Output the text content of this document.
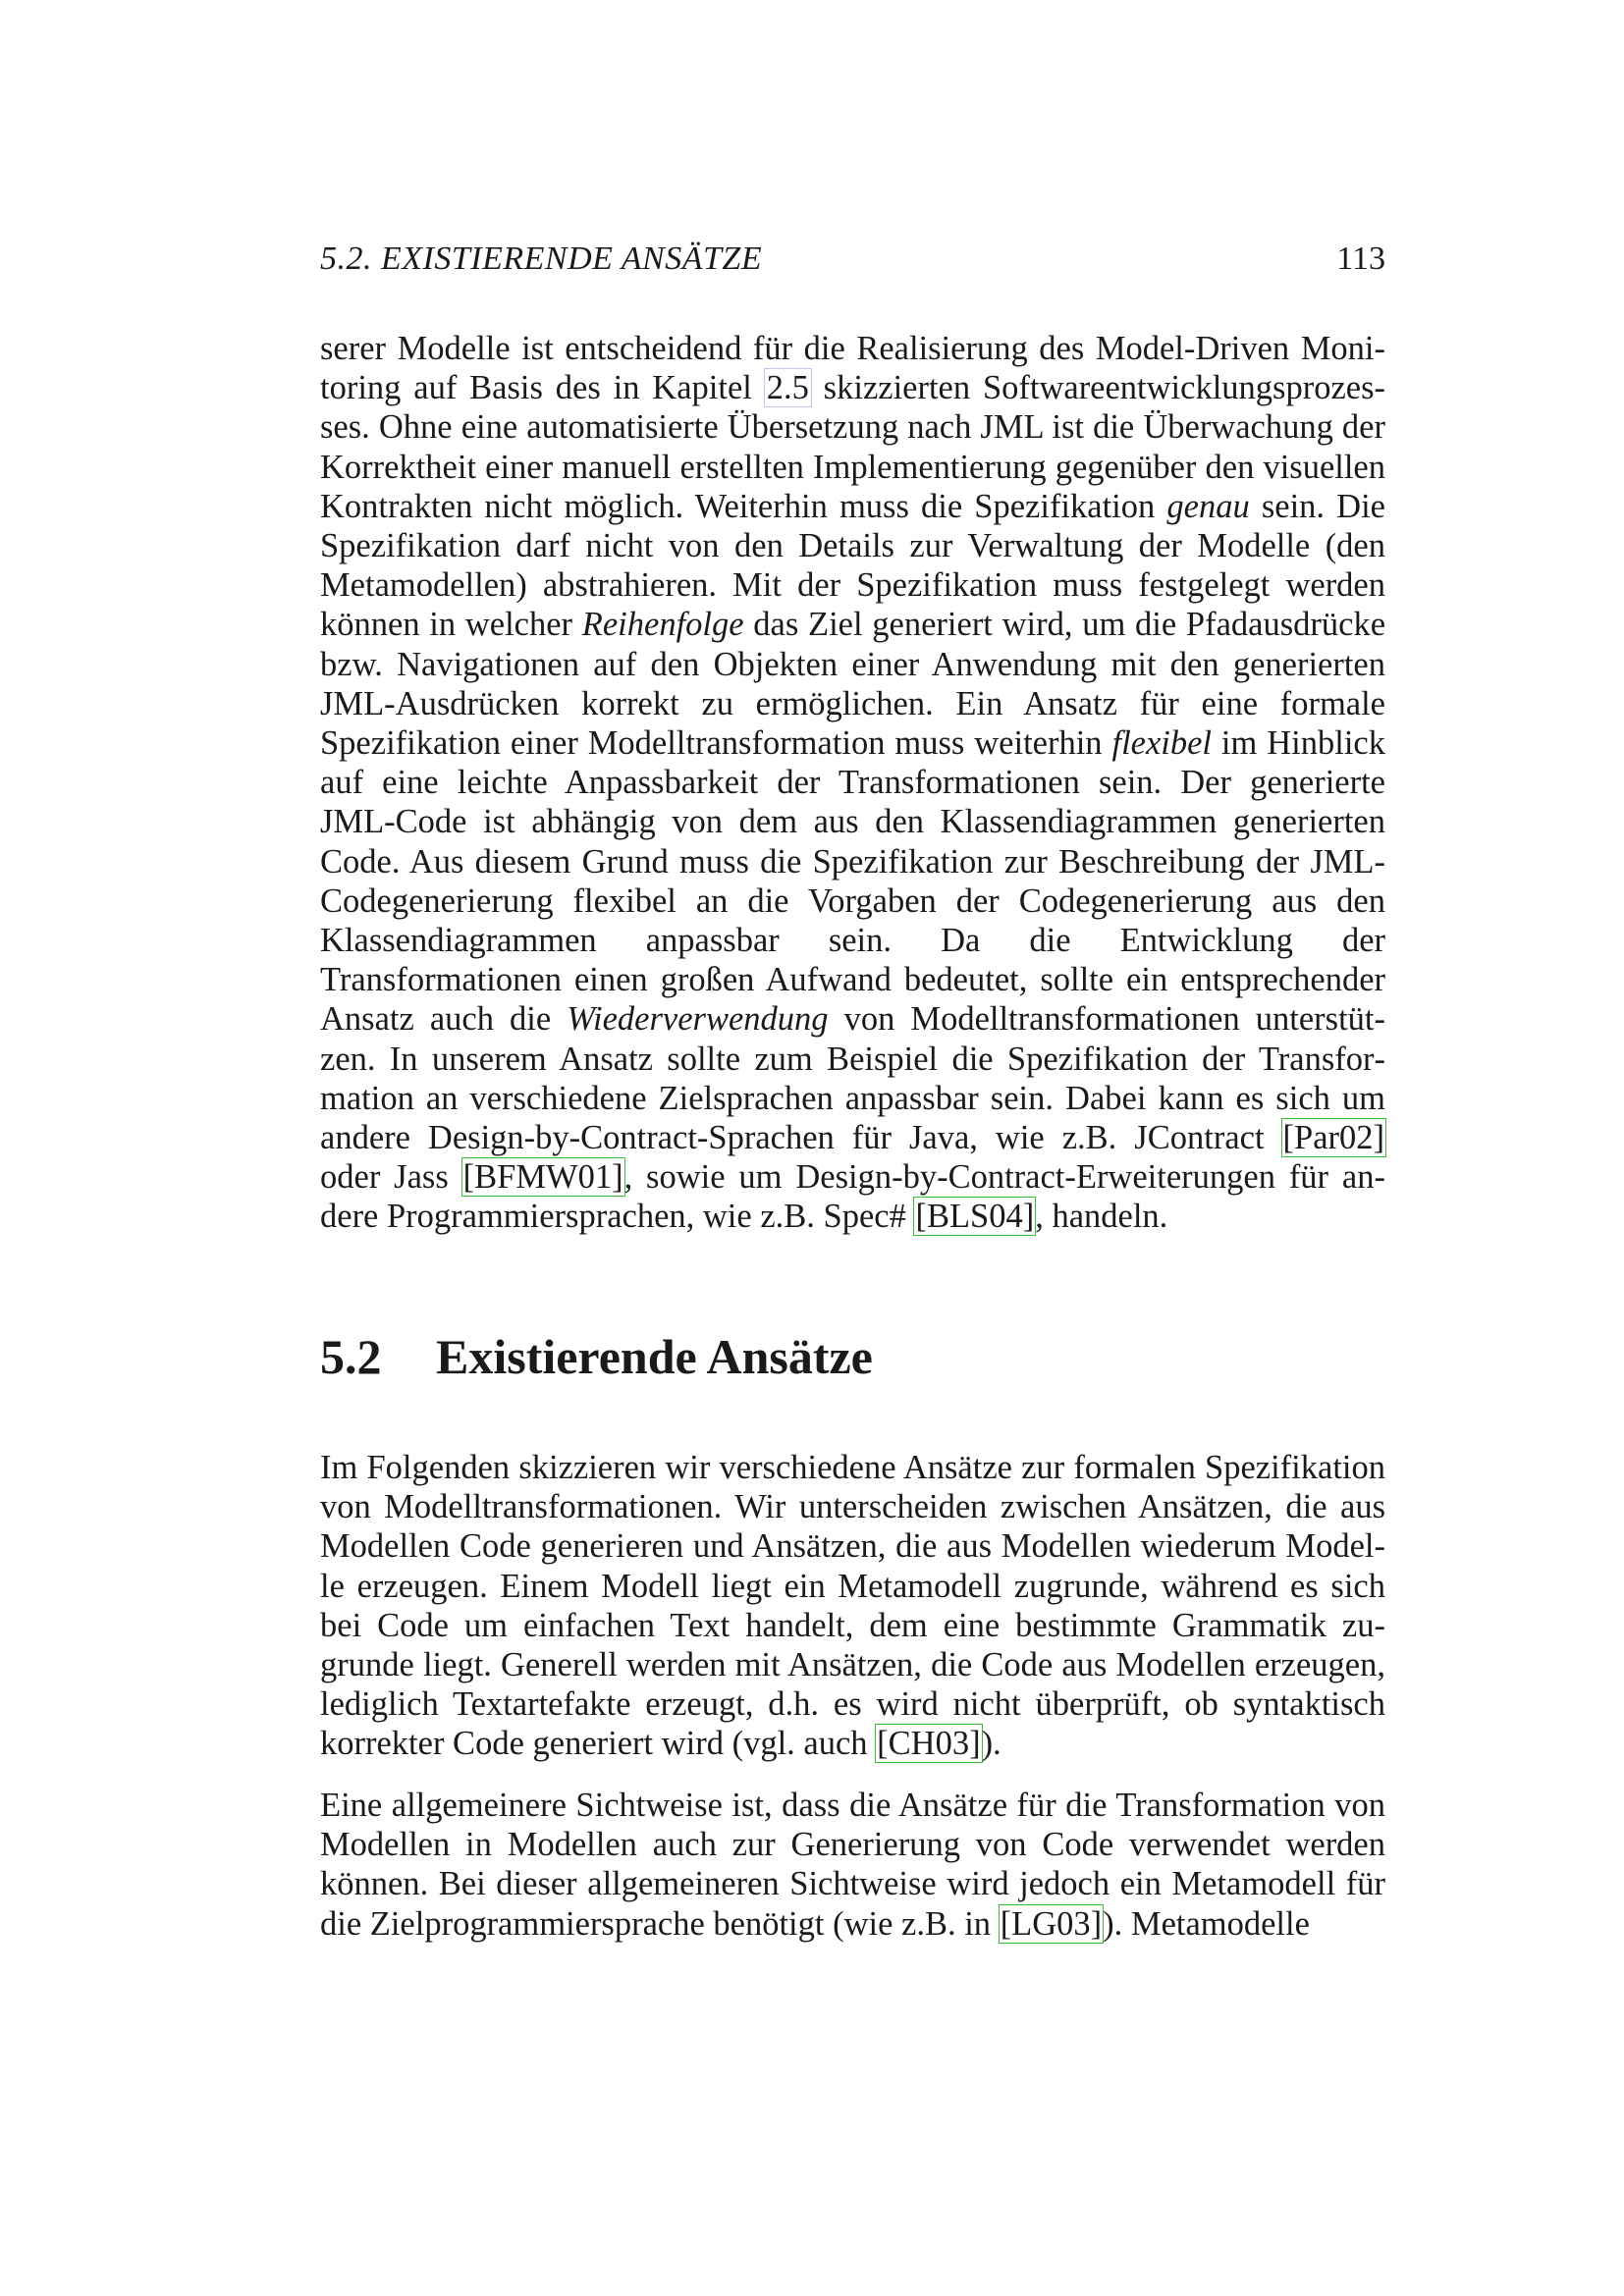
5.2. EXISTIERENDE ANSÄTZE	113

serer Modelle ist entscheidend für die Realisierung des Model-Driven Monitoring auf Basis des in Kapitel 2.5 skizzierten Softwareentwicklungsprozesses. Ohne eine automatisierte Übersetzung nach JML ist die Überwachung der Korrektheit einer manuell erstellten Implementierung gegenüber den visuellen Kontrakten nicht möglich. Weiterhin muss die Spezifikation genau sein. Die Spezifikation darf nicht von den Details zur Verwaltung der Modelle (den Metamodellen) abstrahieren. Mit der Spezifikation muss festgelegt werden können in welcher Reihenfolge das Ziel generiert wird, um die Pfadausdrücke bzw. Navigationen auf den Objekten einer Anwendung mit den generierten JML-Ausdrücken korrekt zu ermöglichen. Ein Ansatz für eine formale Spezifikation einer Modelltransformation muss weiterhin flexibel im Hinblick auf eine leichte Anpassbarkeit der Transformationen sein. Der generierte JML-Code ist abhängig von dem aus den Klassendiagrammen generierten Code. Aus diesem Grund muss die Spezifikation zur Beschreibung der JML-Codegenerierung flexibel an die Vorgaben der Codegenerierung aus den Klassendiagrammen anpassbar sein. Da die Entwicklung der Transformationen einen großen Aufwand bedeutet, sollte ein entsprechender Ansatz auch die Wiederverwendung von Modelltransformationen unterstützen. In unserem Ansatz sollte zum Beispiel die Spezifikation der Transformation an verschiedene Zielsprachen anpassbar sein. Dabei kann es sich um andere Design-by-Contract-Sprachen für Java, wie z.B. JContract [Par02] oder Jass [BFMW01], sowie um Design-by-Contract-Erweiterungen für andere Programmiersprachen, wie z.B. Spec# [BLS04], handeln.

5.2 Existierende Ansätze

Im Folgenden skizzieren wir verschiedene Ansätze zur formalen Spezifikation von Modelltransformationen. Wir unterscheiden zwischen Ansätzen, die aus Modellen Code generieren und Ansätzen, die aus Modellen wiederum Modelle erzeugen. Einem Modell liegt ein Metamodell zugrunde, während es sich bei Code um einfachen Text handelt, dem eine bestimmte Grammatik zugrunde liegt. Generell werden mit Ansätzen, die Code aus Modellen erzeugen, lediglich Textartefakte erzeugt, d.h. es wird nicht überprüft, ob syntaktisch korrekter Code generiert wird (vgl. auch [CH03]).

Eine allgemeinere Sichtweise ist, dass die Ansätze für die Transformation von Modellen in Modellen auch zur Generierung von Code verwendet werden können. Bei dieser allgemeineren Sichtweise wird jedoch ein Metamodell für die Zielprogrammiersprache benötigt (wie z.B. in [LG03]). Metamodelle
